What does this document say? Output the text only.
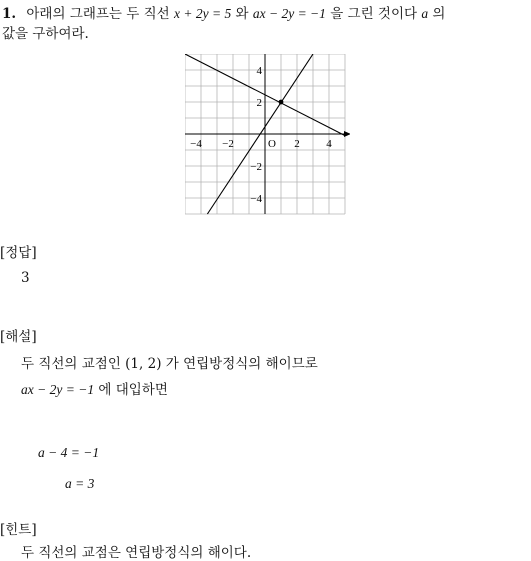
1. 아래의 그래프는 두 직선 x + 2y = 5 와 ax − 2y = −1 을 그린 것이다 a 의
값을 구하여라.
−4 −2	2 4
4
2
−2
−4
O
[정답]
3
[해설]
두 직선의 교점인 (1, 2) 가 연립방정식의 해이므로
ax − 2y = −1 에 대입하면
a − 4 = −1
a = 3
[힌트]
두 직선의 교점은 연립방정식의 해이다.
